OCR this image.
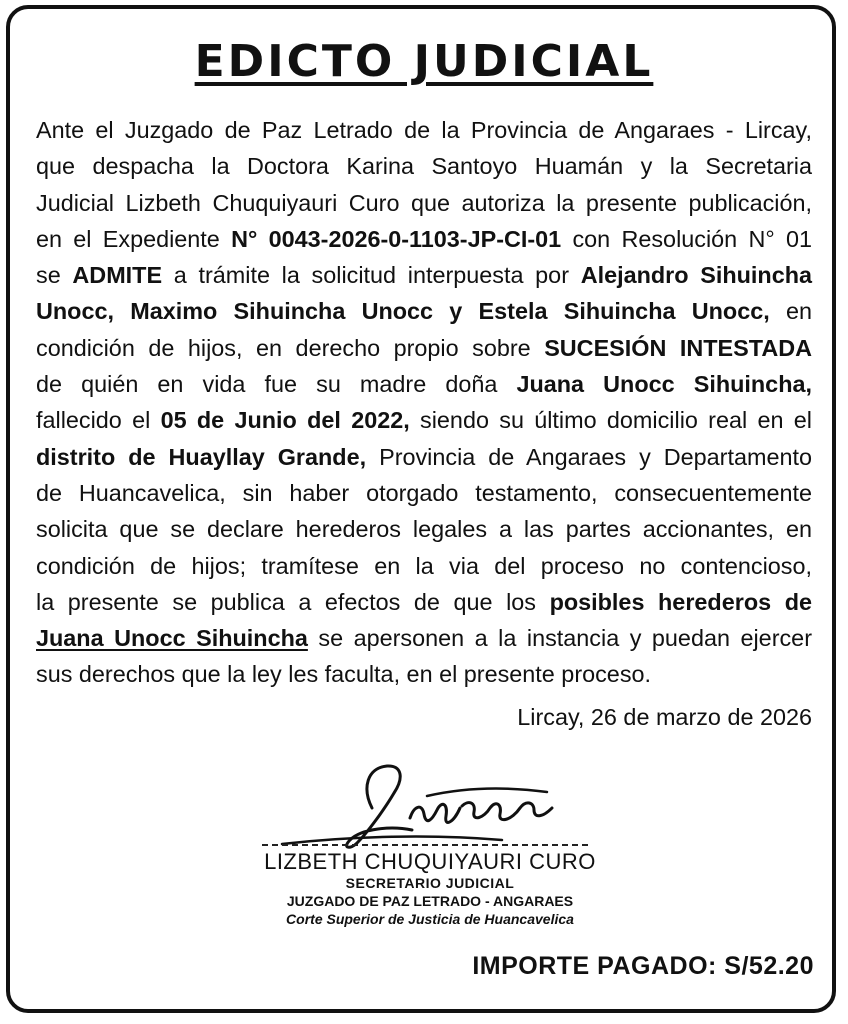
EDICTO JUDICIAL
Ante el Juzgado de Paz Letrado de la Provincia de Angaraes - Lircay,
que despacha la Doctora Karina Santoyo Huamán y la Secretaria
Judicial Lizbeth Chuquiyauri Curo que autoriza la presente publicación,
en el Expediente N° 0043-2026-0-1103-JP-CI-01 con Resolución N° 01
se ADMITE a trámite la solicitud interpuesta por Alejandro Sihuincha
Unocc, Maximo Sihuincha Unocc y Estela Sihuincha Unocc, en
condición de hijos, en derecho propio sobre SUCESIÓN INTESTADA
de quién en vida fue su madre doña Juana Unocc Sihuincha,
fallecido el 05 de Junio del 2022, siendo su último domicilio real en el
distrito de Huayllay Grande, Provincia de Angaraes y Departamento
de Huancavelica, sin haber otorgado testamento, consecuentemente
solicita que se declare herederos legales a las partes accionantes, en
condición de hijos; tramítese en la via del proceso no contencioso,
la presente se publica a efectos de que los posibles herederos de
Juana Unocc Sihuincha se apersonen a la instancia y puedan ejercer
sus derechos que la ley les faculta, en el presente proceso.
Lircay, 26 de marzo de 2026
LIZBETH CHUQUIYAURI CURO
SECRETARIO JUDICIAL
JUZGADO DE PAZ LETRADO - ANGARAES
Corte Superior de Justicia de Huancavelica
IMPORTE PAGADO: S/52.20
